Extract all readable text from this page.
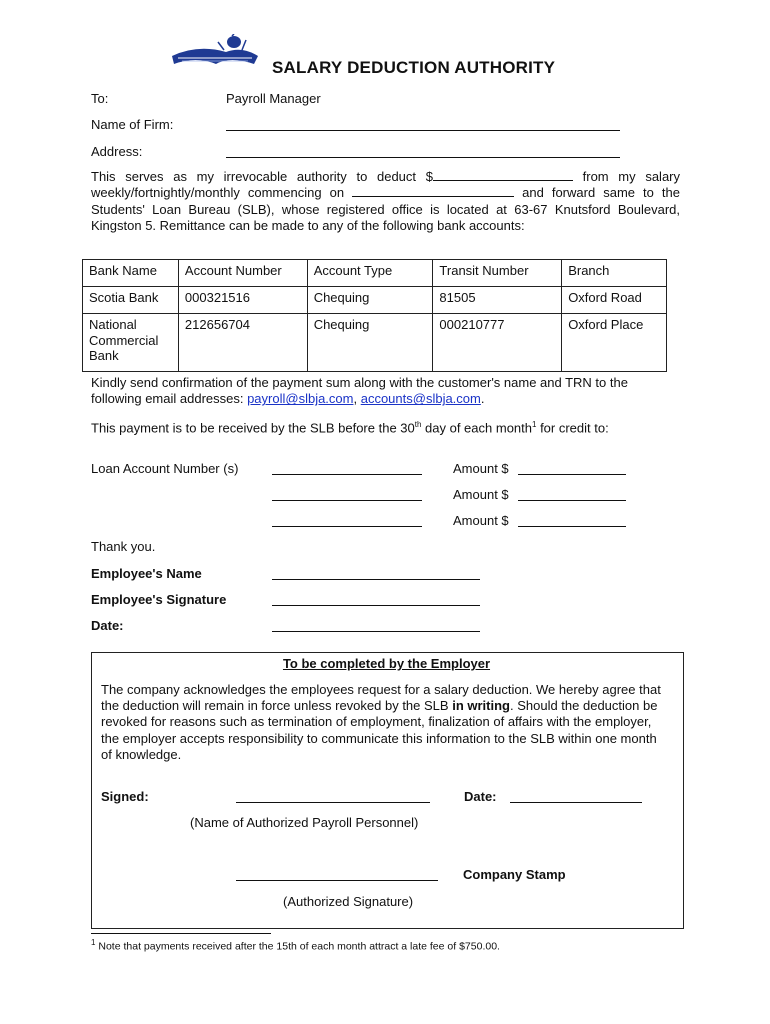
SALARY DEDUCTION AUTHORITY
To:	Payroll Manager
Name of Firm:
Address:
This serves as my irrevocable authority to deduct $	from my salary weekly/fortnightly/monthly commencing on	and forward same to the Students' Loan Bureau (SLB), whose registered office is located at 63-67 Knutsford Boulevard, Kingston 5. Remittance can be made to any of the following bank accounts:
Bank Name	Account Number	Account Type	Transit Number	Branch
Scotia Bank	000321516	Chequing	81505	Oxford Road
National Commercial Bank	212656704	Chequing	000210777	Oxford Place
Kindly send confirmation of the payment sum along with the customer's name and TRN to the following email addresses: payroll@slbja.com, accounts@slbja.com.
This payment is to be received by the SLB before the 30th day of each month$^1$ for credit to:
Loan Account Number (s)	Amount $
Amount $
Amount $
Thank you.
Employee's Name
Employee's Signature
Date:
To be completed by the Employer
The company acknowledges the employees request for a salary deduction. We hereby agree that the deduction will remain in force unless revoked by the SLB in writing. Should the deduction be revoked for reasons such as termination of employment, finalization of affairs with the employer, the employer accepts responsibility to communicate this information to the SLB within one month of knowledge.
Signed:	Date:
(Name of Authorized Payroll Personnel)
Company Stamp
(Authorized Signature)
$^1$ Note that payments received after the 15th of each month attract a late fee of $750.00.
